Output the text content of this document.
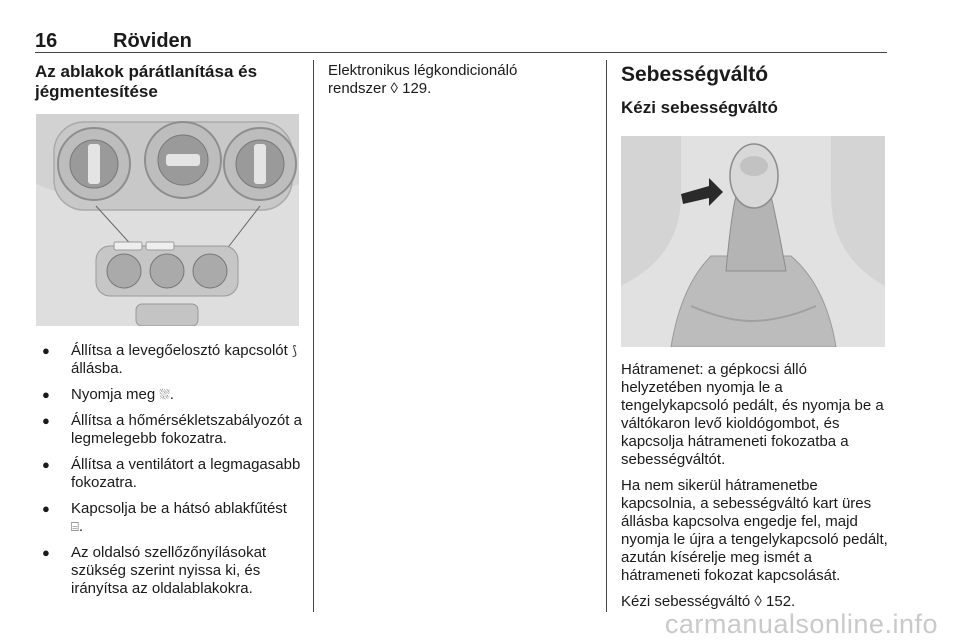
16	Röviden
Az ablakok párátlanítása és jégmentesítése
● Állítsa a levegőelosztó kapcsolót ⟆ állásba.
● Nyomja meg ⛆.
● Állítsa a hőmérsékletszabályozót a legmelegebb fokozatra.
● Állítsa a ventilátort a legmagasabb fokozatra.
● Kapcsolja be a hátsó ablakfűtést ⌸.
● Az oldalsó szellőzőnyílásokat szükség szerint nyissa ki, és irányítsa az oldalablakokra.

Elektronikus légkondicionáló rendszer ◊ 129.

Sebességváltó
Kézi sebességváltó

Hátramenet: a gépkocsi álló helyzetében nyomja le a tengelykapcsoló pedált, és nyomja be a váltókaron levő kioldógombot, és kapcsolja hátrameneti fokozatba a sebességváltót.

Ha nem sikerül hátramenetbe kapcsolnia, a sebességváltó kart üres állásba kapcsolva engedje fel, majd nyomja le újra a tengelykapcsoló pedált, azután kísérelje meg ismét a hátrameneti fokozat kapcsolását.

Kézi sebességváltó ◊ 152.

carmanualsonline.info
